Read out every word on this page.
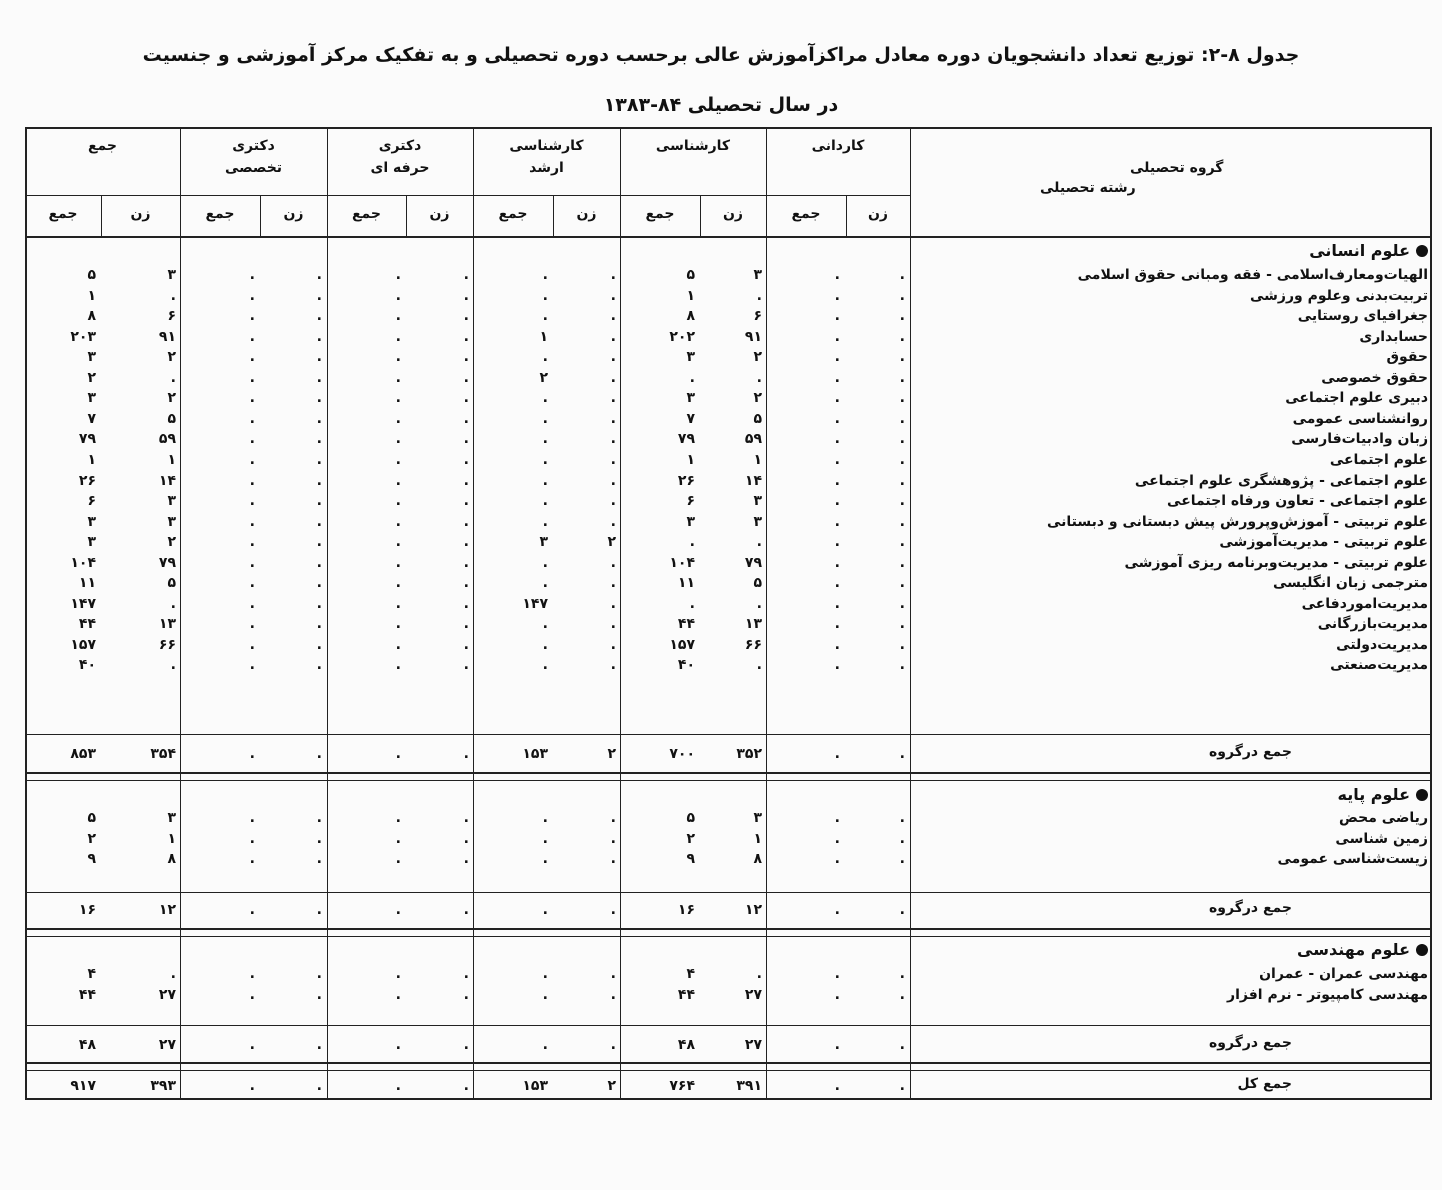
جدول ۸-۲: توزیع تعداد دانشجویان دوره معادل مراکزآموزش عالی برحسب دوره تحصیلی و به تفکیک مرکز آموزشی و جنسیت
در سال تحصیلی ۸۴-۱۳۸۳
گروه تحصیلی
رشته تحصیلی
کاردانی
کارشناسی
کارشناسی
ارشد
دکتری
حرفه ای
دکتری
تخصصی
جمع
زن
جمع
زن
جمع
زن
جمع
زن
جمع
زن
جمع
زن
جمع
علوم انسانی
علوم پایه
علوم مهندسی
الهیات‌ومعارف‌اسلامی - فقه ومبانی حقوق اسلامی
.
.
۳
۵
.
.
.
.
.
.
۳
۵
تربیت‌بدنی وعلوم ورزشی
.
.
.
۱
.
.
.
.
.
.
.
۱
جغرافیای روستایی
.
.
۶
۸
.
.
.
.
.
.
۶
۸
حسابداری
.
.
۹۱
۲۰۲
.
۱
.
.
.
.
۹۱
۲۰۳
حقوق
.
.
۲
۳
.
.
.
.
.
.
۲
۳
حقوق خصوصی
.
.
.
.
.
۲
.
.
.
.
.
۲
دبیری علوم اجتماعی
.
.
۲
۳
.
.
.
.
.
.
۲
۳
روانشناسی عمومی
.
.
۵
۷
.
.
.
.
.
.
۵
۷
زبان وادبیات‌فارسی
.
.
۵۹
۷۹
.
.
.
.
.
.
۵۹
۷۹
علوم اجتماعی
.
.
۱
۱
.
.
.
.
.
.
۱
۱
علوم اجتماعی - پژوهشگری علوم اجتماعی
.
.
۱۴
۲۶
.
.
.
.
.
.
۱۴
۲۶
علوم اجتماعی - تعاون ورفاه اجتماعی
.
.
۳
۶
.
.
.
.
.
.
۳
۶
علوم تربیتی - آموزش‌وپرورش پیش دبستانی و دبستانی
.
.
۳
۳
.
.
.
.
.
.
۳
۳
علوم تربیتی - مدیریت‌آموزشی
.
.
.
.
۲
۳
.
.
.
.
۲
۳
علوم تربیتی - مدیریت‌وبرنامه ریزی آموزشی
.
.
۷۹
۱۰۴
.
.
.
.
.
.
۷۹
۱۰۴
مترجمی زبان انگلیسی
.
.
۵
۱۱
.
.
.
.
.
.
۵
۱۱
مدیریت‌اموردفاعی
.
.
.
.
.
۱۴۷
.
.
.
.
.
۱۴۷
مدیریت‌بازرگانی
.
.
۱۳
۴۴
.
.
.
.
.
.
۱۳
۴۴
مدیریت‌دولتی
.
.
۶۶
۱۵۷
.
.
.
.
.
.
۶۶
۱۵۷
مدیریت‌صنعتی
.
.
.
۴۰
.
.
.
.
.
.
.
۴۰
جمع درگروه
.
.
۳۵۲
۷۰۰
۲
۱۵۳
.
.
.
.
۳۵۴
۸۵۳
ریاضی محض
.
.
۳
۵
.
.
.
.
.
.
۳
۵
زمین شناسی
.
.
۱
۲
.
.
.
.
.
.
۱
۲
زیست‌شناسی عمومی
.
.
۸
۹
.
.
.
.
.
.
۸
۹
جمع درگروه
.
.
۱۲
۱۶
.
.
.
.
.
.
۱۲
۱۶
مهندسی عمران - عمران
.
.
.
۴
.
.
.
.
.
.
.
۴
مهندسی کامپیوتر - نرم افزار
.
.
۲۷
۴۴
.
.
.
.
.
.
۲۷
۴۴
جمع درگروه
.
.
۲۷
۴۸
.
.
.
.
.
.
۲۷
۴۸
جمع کل
.
.
۳۹۱
۷۶۴
۲
۱۵۳
.
.
.
.
۳۹۳
۹۱۷
